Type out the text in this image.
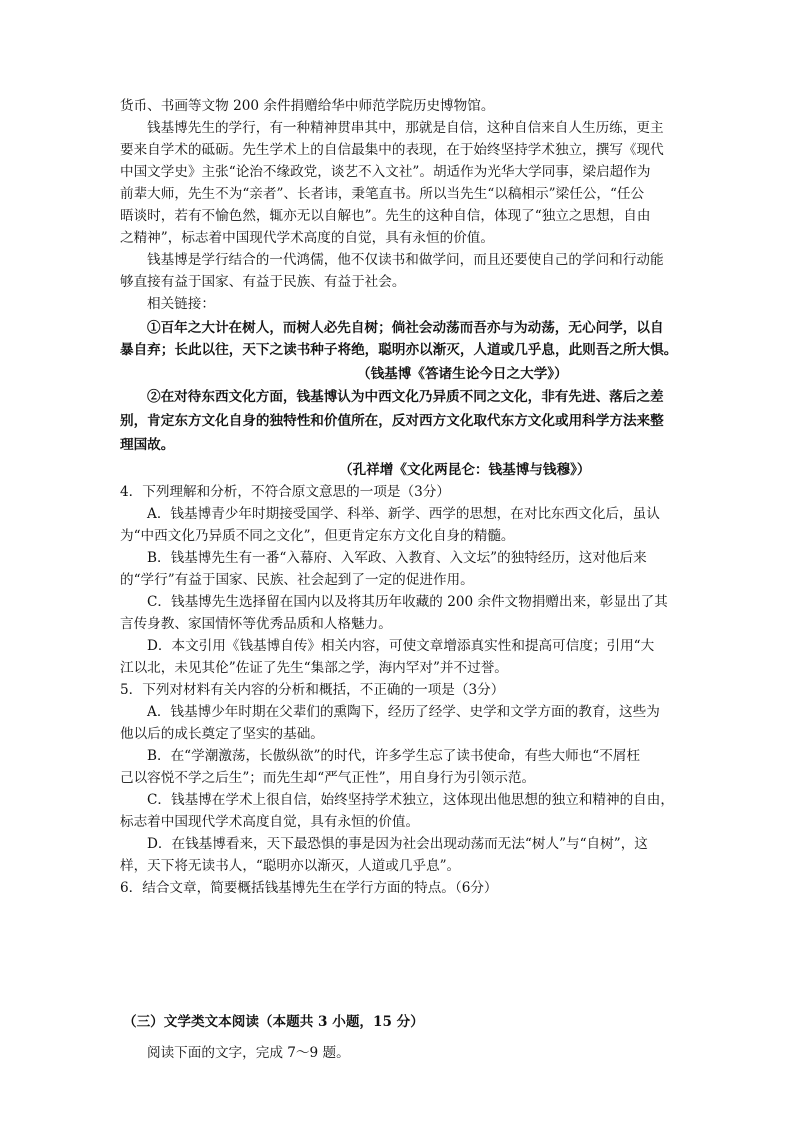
货币、书画等文物 200 余件捐赠给华中师范学院历史博物馆。
钱基博先生的学行，有一种精神贯串其中，那就是自信，这种自信来自人生历练，更主
要来自学术的砥砺。先生学术上的自信最集中的表现，在于始终坚持学术独立，撰写《现代
中国文学史》主张“论治不缘政党，谈艺不入文社”。胡适作为光华大学同事，梁启超作为
前辈大师，先生不为“亲者”、长者讳，秉笔直书。所以当先生“以稿相示”梁任公，“任公
晤谈时，若有不愉色然，辄亦无以自解也”。先生的这种自信，体现了“独立之思想，自由
之精神”，标志着中国现代学术高度的自觉，具有永恒的价值。
钱基博是学行结合的一代鸿儒，他不仅读书和做学问，而且还要使自己的学问和行动能
够直接有益于国家、有益于民族、有益于社会。
相关链接：
①百年之大计在树人，而树人必先自树；倘社会动荡而吾亦与为动荡，无心问学，以自
暴自弃；长此以往，天下之读书种子将绝，聪明亦以渐灭，人道或几乎息，此则吾之所大惧。
（钱基博《答诸生论今日之大学》）
②在对待东西文化方面，钱基博认为中西文化乃异质不同之文化，非有先进、落后之差
别，肯定东方文化自身的独特性和价值所在，反对西方文化取代东方文化或用科学方法来整
理国故。
（孔祥增《文化两昆仑：钱基博与钱穆》）
4．下列理解和分析，不符合原文意思的一项是（3分）
A．钱基博青少年时期接受国学、科举、新学、西学的思想，在对比东西文化后，虽认
为“中西文化乃异质不同之文化”，但更肯定东方文化自身的精髓。
B．钱基博先生有一番“入幕府、入军政、入教育、入文坛”的独特经历，这对他后来
的“学行”有益于国家、民族、社会起到了一定的促进作用。
C．钱基博先生选择留在国内以及将其历年收藏的 200 余件文物捐赠出来，彰显出了其
言传身教、家国情怀等优秀品质和人格魅力。
D．本文引用《钱基博自传》相关内容，可使文章增添真实性和提高可信度；引用“大
江以北，未见其伦”佐证了先生“集部之学，海内罕对”并不过誉。
5．下列对材料有关内容的分析和概括，不正确的一项是（3分）
A．钱基博少年时期在父辈们的熏陶下，经历了经学、史学和文学方面的教育，这些为
他以后的成长奠定了坚实的基础。
B．在“学潮激荡，长傲纵欲”的时代，许多学生忘了读书使命，有些大师也“不屑枉
己以容悦不学之后生”；而先生却“严气正性”，用自身行为引领示范。
C．钱基博在学术上很自信，始终坚持学术独立，这体现出他思想的独立和精神的自由，
标志着中国现代学术高度自觉，具有永恒的价值。
D．在钱基博看来，天下最恐惧的事是因为社会出现动荡而无法“树人”与“自树”，这
样，天下将无读书人，“聪明亦以渐灭，人道或几乎息”。
6．结合文章，简要概括钱基博先生在学行方面的特点。（6分）
（三）文学类文本阅读（本题共 3 小题，15 分）
阅读下面的文字，完成 7～9 题。
